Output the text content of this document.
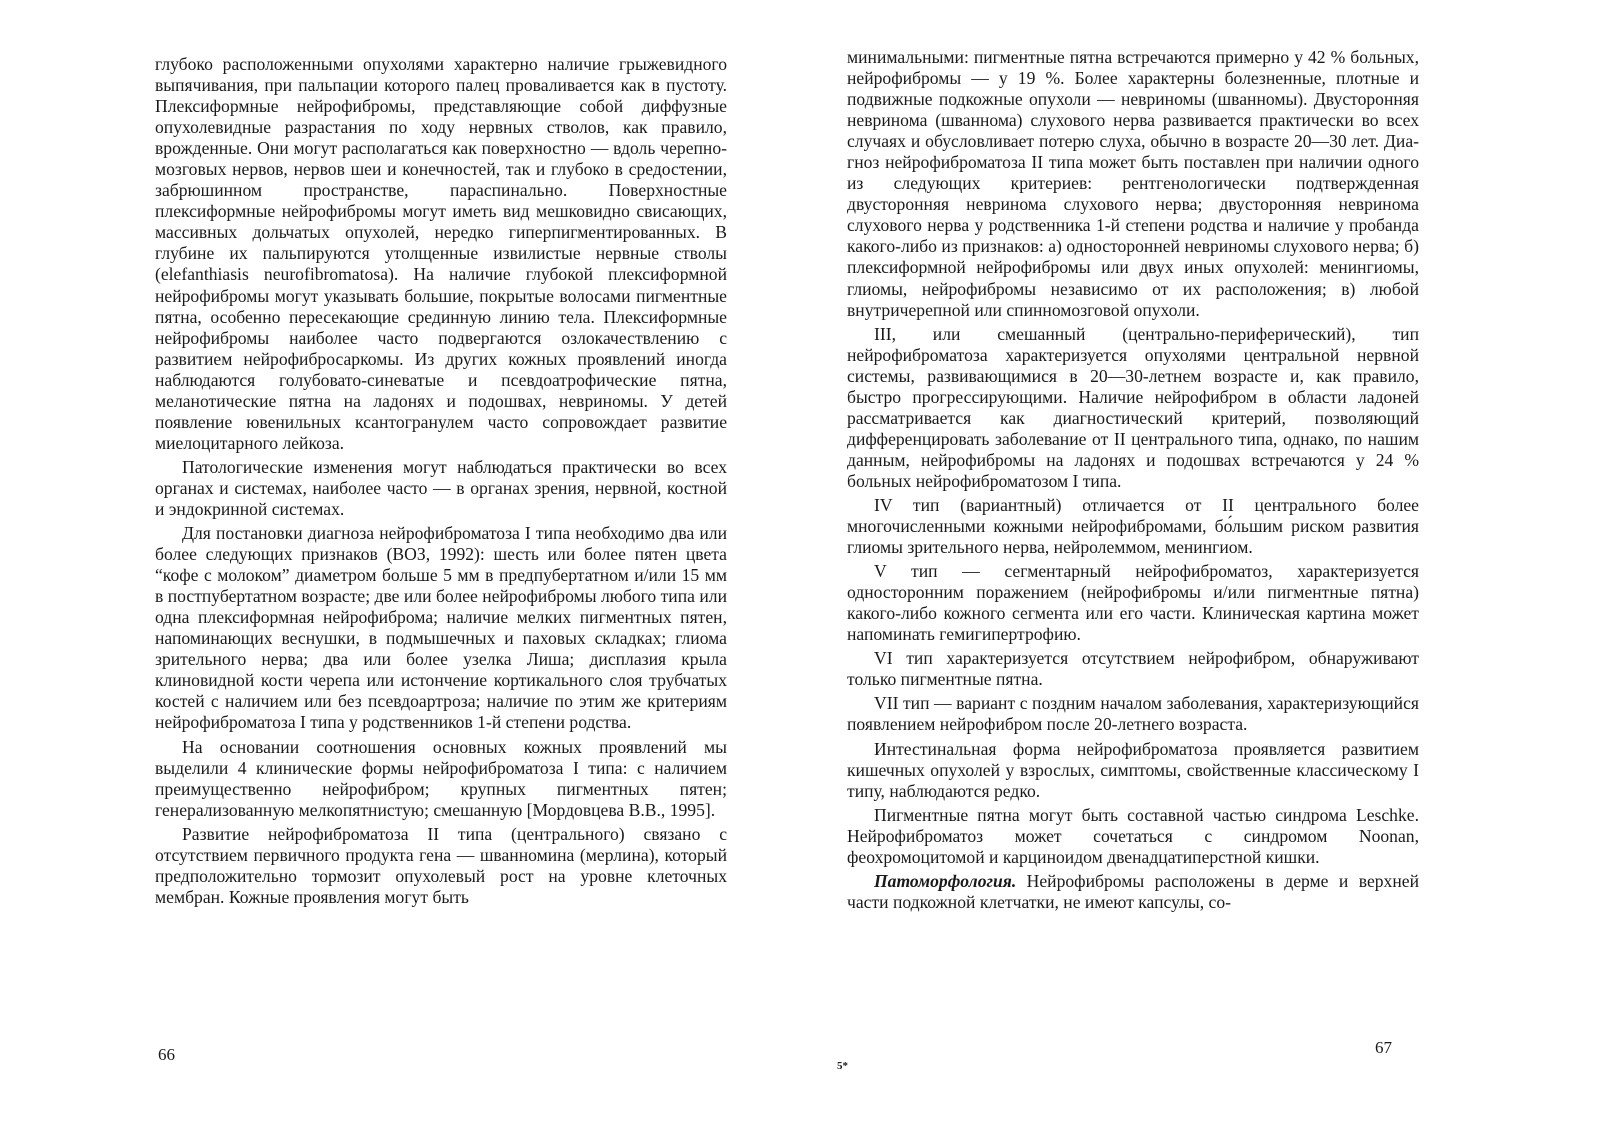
глубоко расположенными опухолями характерно наличие грыжевидного выпячивания, при пальпации которого палец проваливается как в пустоту. Плексиформные нейрофибромы, представляющие собой диффузные опухолевидные разрастания по ходу нервных стволов, как правило, врожденные. Они могут располагаться как поверхностно — вдоль черепно-мозговых нервов, нервов шеи и конечностей, так и глубоко в средостении, забрюшинном пространстве, параспинально. Поверхностные плексиформные нейрофибромы могут иметь вид мешковидно свисающих, массивных дольчатых опухолей, нередко гиперпигментированных. В глубине их пальпируются утолщенные извилистые нервные стволы (elefanthiasis neurofibromatosa). На наличие глубокой плексиформной нейрофибромы могут указывать большие, покрытые волосами пигментные пятна, особенно пересекающие срединную линию тела. Плексиформные нейрофибромы наиболее часто подвергаются озлокачествлению с развитием нейрофибросаркомы. Из других кожных проявлений иногда наблюдаются голубовато-синеватые и псевдоатрофические пятна, меланотические пятна на ладонях и подошвах, невриномы. У детей появление ювенильных ксантогранулем часто сопровождает развитие миелоцитарного лейкоза.

Патологические изменения могут наблюдаться практически во всех органах и системах, наиболее часто — в органах зрения, нервной, костной и эндокринной системах.

Для постановки диагноза нейрофиброматоза I типа необходимо два или более следующих признаков (ВОЗ, 1992): шесть или более пятен цвета “кофе с молоком” диаметром больше 5 мм в предпубертатном и/или 15 мм в постпубертатном возрасте; две или более нейрофибромы любого типа или одна плексиформная нейрофиброма; наличие мелких пигментных пятен, напоминающих веснушки, в подмышечных и паховых складках; глиома зрительного нерва; два или более узелка Лиша; дисплазия крыла клиновидной кости черепа или истончение кортикального слоя трубчатых костей с наличием или без псевдоартроза; наличие по этим же критериям нейрофиброматоза I типа у родственников 1-й степени родства.

На основании соотношения основных кожных проявлений мы выделили 4 клинические формы нейрофиброматоза I типа: с наличием преимущественно нейрофибром; крупных пигментных пятен; генерализованную мелкопятнистую; смешанную [Мордовцева В.В., 1995].

Развитие нейрофиброматоза II типа (центрального) связано с отсутствием первичного продукта гена — шванномина (мерлина), который предположительно тормозит опухолевый рост на уровне клеточных мембран. Кожные проявления могут быть

66

минимальными: пигментные пятна встречаются примерно у 42 % больных, нейрофибромы — у 19 %. Более характерны болезненные, плотные и подвижные подкожные опухоли — невриномы (шванномы). Двусторонняя невринома (шваннома) слухового нерва развивается практически во всех случаях и обусловливает потерю слуха, обычно в возрасте 20—30 лет. Диа- гноз нейрофиброматоза II типа может быть поставлен при наличии одного из следующих критериев: рентгенологически подтвержденная двусторонняя невринома слухового нерва; двусторонняя невринома слухового нерва у родственника 1-й степени родства и наличие у пробанда какого-либо из признаков: а) односторонней невриномы слухового нерва; б) плексиформной нейрофибромы или двух иных опухолей: менингиомы, глиомы, нейрофибромы независимо от их расположения; в) любой внутричерепной или спинномозговой опухоли.

III, или смешанный (центрально-периферический), тип нейрофиброматоза характеризуется опухолями центральной нервной системы, развивающимися в 20—30-летнем возрасте и, как правило, быстро прогрессирующими. Наличие нейрофибром в области ладоней рассматривается как диагностический критерий, позволяющий дифференцировать заболевание от II центрального типа, однако, по нашим данным, нейрофибромы на ладонях и подошвах встречаются у 24 % больных нейрофиброматозом I типа.

IV тип (вариантный) отличается от II центрального более многочисленными кожными нейрофибромами, бо́льшим риском развития глиомы зрительного нерва, нейролеммом, менингиом.

V тип — сегментарный нейрофиброматоз, характеризуется односторонним поражением (нейрофибромы и/или пигментные пятна) какого-либо кожного сегмента или его части. Клиническая картина может напоминать гемигипертрофию.

VI тип характеризуется отсутствием нейрофибром, обнаруживают только пигментные пятна.

VII тип — вариант с поздним началом заболевания, характеризующийся появлением нейрофибром после 20-летнего возраста.

Интестинальная форма нейрофиброматоза проявляется развитием кишечных опухолей у взрослых, симптомы, свойственные классическому I типу, наблюдаются редко.

Пигментные пятна могут быть составной частью синдрома Leschke. Нейрофиброматоз может сочетаться с синдромом Noonan, феохромоцитомой и карциноидом двенадцатиперстной кишки.

Патоморфология. Нейрофибромы расположены в дерме и верхней части подкожной клетчатки, не имеют капсулы, со-

67
5*
